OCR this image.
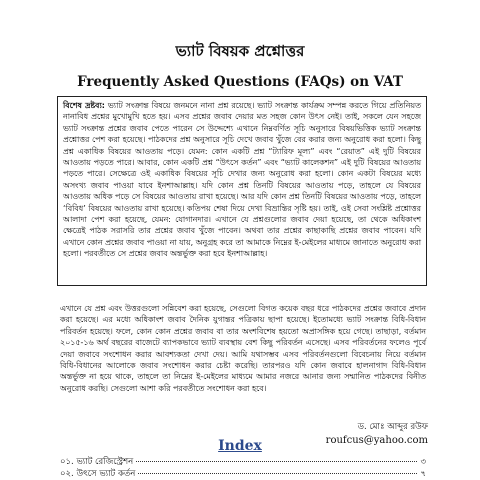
ভ্যাট বিষয়ক প্রশ্নোত্তর
Frequently Asked Questions (FAQs) on VAT
বিশেষ দ্রষ্টব্য: ভ্যাট সংক্রান্ত বিষয়ে জনমনে নানা প্রশ্ন রয়েছে। ভ্যাট সংক্রান্ত কার্যক্রম সম্পন্ন করতে গিয়ে প্রতিনিয়ত নানাবিধ প্রশ্নের মুখোমুখি হতে হয়। এসব প্রশ্নের জবাব দেয়ার মত সহজ কোন উৎস নেই। তাই, সকলে যেন সহজে ভ্যাট সংক্রান্ত প্রশ্নের জবাব পেতে পারেন সে উদ্দেশ্যে এখানে নিম্নবর্ণিত সূচি অনুসারে বিষয়ভিত্তিক ভ্যাট সংক্রান্ত প্রশ্নোত্তর পেশ করা হয়েছে। পাঠকদের প্রশ্ন অনুসারে সূচি দেখে জবাব খুঁজে বের করার জন্য অনুরোধ করা হলো। কিছু প্রশ্ন একাধিক বিষয়ের আওতায় পড়ে। যেমন: কোন একটি প্রশ্ন “ট্যারিফ মূল্য” এবং “রেয়াত” এই দুটি বিষয়ের আওতায় পড়তে পারে। আবার, কোন একটি প্রশ্ন “উৎসে কর্তন” এবং “ভ্যাট কালেকশন” এই দুটি বিষয়ের আওতায় পড়তে পারে। সেক্ষেত্রে ওই একাধিক বিষয়ের সূচি দেখার জন্য অনুরোধ করা হলো। কোন একটা বিষয়ের মধ্যে অসংখ্য জবাব পাওয়া যাবে ইনশাআল্লাহ। যদি কোন প্রশ্ন তিনটি বিষয়ের আওতায় পড়ে, তাহলে যে বিষয়ের আওতায় অধিক পড়ে সে বিষয়ের আওতায় রাখা হয়েছে। আর যদি কোন প্রশ্ন তিনটি বিষয়ের আওতায় পড়ে, তাহলে ‘বিবিধ’ বিষয়ের আওতায় রাখা হয়েছে। কতিপয় শেষা দিয়ে দেখা বিভ্রান্তির সৃষ্টি হয়। তাই, ওই সেবা সংশ্লিষ্ট প্রশ্নোত্তর আলাদা পেশ করা হয়েছে, যেমন: যোগানদার। এখানে যে প্রশ্নগুলোর জবাব দেয়া হয়েছে, তা থেকে অধিকাংশ ক্ষেত্রেই পাঠক সরাসরি তার প্রশ্নের জবাব খুঁজে পাবেন। অথবা তার প্রশ্নের কাছাকাছি প্রশ্নের জবাব পাবেন। যদি এখানে কোন প্রশ্নের জবাব পাওয়া না যায়, অনুগ্রহ করে তা আমাকে নিম্নের ই-মেইলের মাধ্যমে জানাতে অনুরোধ করা হলো। পরবর্তীতে সে প্রশ্নের জবাব অন্তর্ভুক্ত করা হবে ইনশাআল্লাহ।
এখানে যে প্রশ্ন এবং উত্তরগুলো সন্নিবেশ করা হয়েছে, সেগুলো বিগত কয়েক বছর ধরে পাঠকদের প্রশ্নের জবাবে প্রদান করা হয়েছে। এর মধ্যে অধিকাংশ জবাব দৈনিক যুগান্তর পত্রিকায় ছাপা হয়েছে। ইতোমধ্যে ভ্যাট সংক্রান্ত বিধি-বিধান পরিবর্তন হয়েছে। ফলে, কোন কোন প্রশ্নের জবাব বা তার অংশবিশেষ হয়তো অপ্রাসঙ্গিক হয়ে গেছে। তাছাড়া, বর্তমান ২০১৫-১৬ অর্থ বছরের বাজেটে ব্যাপকভাবে ভ্যাট ব্যবস্থায় বেশ কিছু পরিবর্তন এসেছে। এসব পরিবর্তনের ফলেও পূর্বে দেয়া জবাবে সংশোধন করার আবশ্যকতা দেখা দেয়। আমি যথাসম্ভব এসব পরিবর্তনগুলো বিবেচনায় নিয়ে বর্তমান বিধি-বিধানের আলোকে জবাব সংশোধন করার চেষ্টা করেছি। তারপরও যদি কোন জবাবে হালনাগাদ বিধি-বিধান অন্তর্ভুক্ত না হয়ে থাকে, তাহলে তা নিম্নের ই-মেইলের মাধ্যমে আমার নজরে আনার জন্য সম্মানিত পাঠকদের বিনীত অনুরোধ করছি। সেগুলো আশা করি পরবর্তীতে সংশোধন করা হবে।
ড. মোঃ আব্দুর রউফ
roufcus@yahoo.com
Index
০১. ভ্যাট রেজিস্ট্রেশন	৩
০২. উৎসে ভ্যাট কর্তন	৭
